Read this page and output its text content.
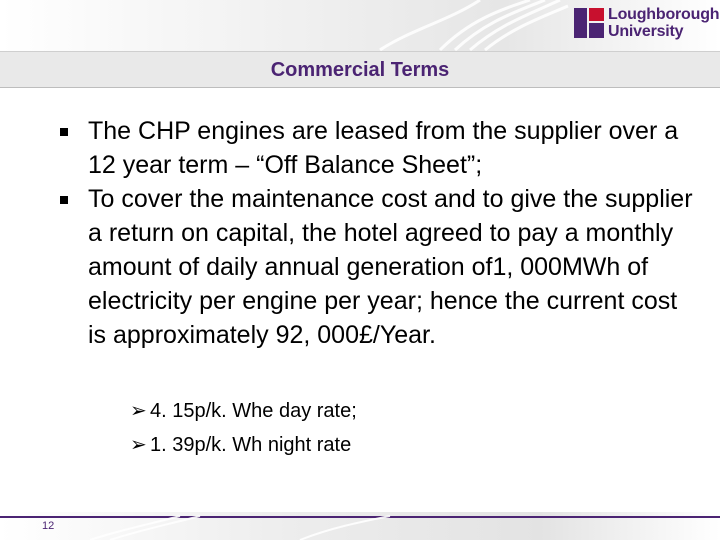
Loughborough
University
Commercial Terms
The CHP engines are leased from the supplier over a 12 year term – “Off Balance Sheet”;
To cover the maintenance cost and to give the supplier a return on capital, the hotel agreed to pay a monthly amount of daily annual generation of1, 000MWh of electricity per engine per year; hence the current cost is approximately 92, 000£/Year.
➢ 4. 15p/k. Whe day rate;
➢ 1. 39p/k. Wh night rate
12
